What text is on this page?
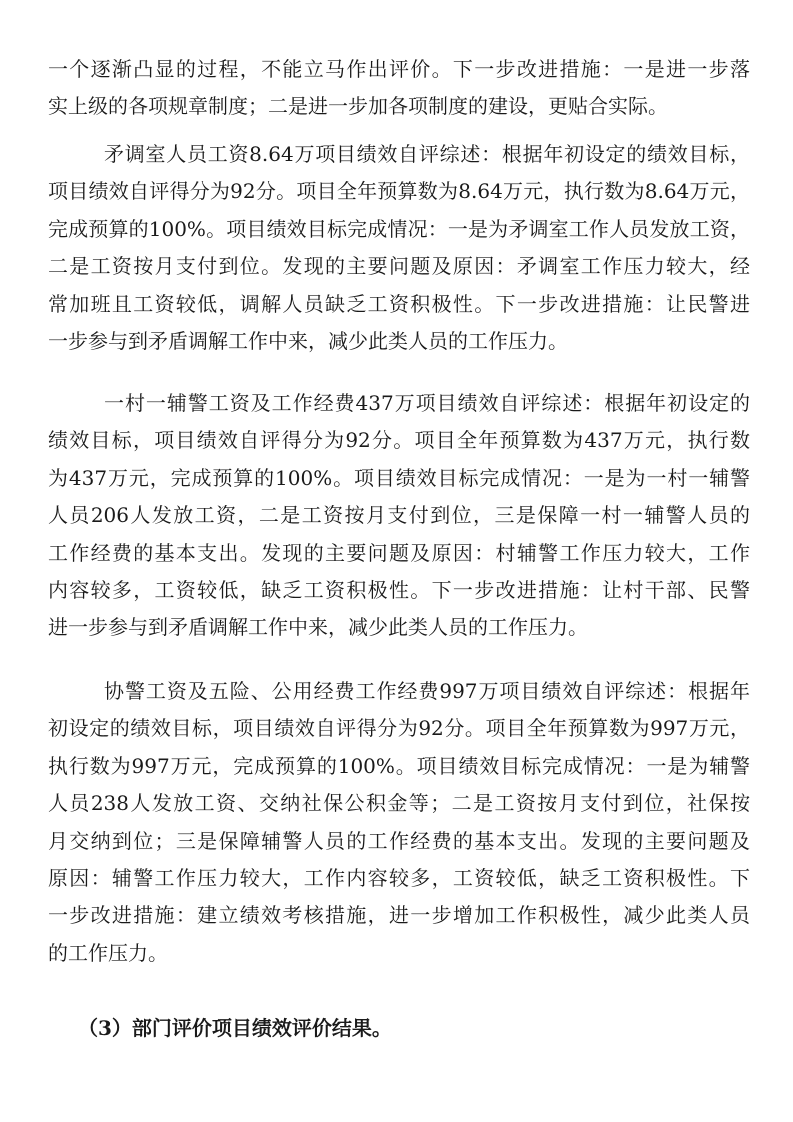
一个逐渐凸显的过程，不能立马作出评价。下一步改进措施：一是进一步落
实上级的各项规章制度；二是进一步加各项制度的建设，更贴合实际。
矛调室人员工资8.64万项目绩效自评综述：根据年初设定的绩效目标，
项目绩效自评得分为92分。项目全年预算数为8.64万元，执行数为8.64万元，
完成预算的100%。项目绩效目标完成情况：一是为矛调室工作人员发放工资，
二是工资按月支付到位。发现的主要问题及原因：矛调室工作压力较大，经
常加班且工资较低，调解人员缺乏工资积极性。下一步改进措施：让民警进
一步参与到矛盾调解工作中来，减少此类人员的工作压力。
一村一辅警工资及工作经费437万项目绩效自评综述：根据年初设定的
绩效目标，项目绩效自评得分为92分。项目全年预算数为437万元，执行数
为437万元，完成预算的100%。项目绩效目标完成情况：一是为一村一辅警
人员206人发放工资，二是工资按月支付到位，三是保障一村一辅警人员的
工作经费的基本支出。发现的主要问题及原因：村辅警工作压力较大，工作
内容较多，工资较低，缺乏工资积极性。下一步改进措施：让村干部、民警
进一步参与到矛盾调解工作中来，减少此类人员的工作压力。
协警工资及五险、公用经费工作经费997万项目绩效自评综述：根据年
初设定的绩效目标，项目绩效自评得分为92分。项目全年预算数为997万元，
执行数为997万元，完成预算的100%。项目绩效目标完成情况：一是为辅警
人员238人发放工资、交纳社保公积金等；二是工资按月支付到位，社保按
月交纳到位；三是保障辅警人员的工作经费的基本支出。发现的主要问题及
原因：辅警工作压力较大，工作内容较多，工资较低，缺乏工资积极性。下
一步改进措施：建立绩效考核措施，进一步增加工作积极性，减少此类人员
的工作压力。
（3）部门评价项目绩效评价结果。
